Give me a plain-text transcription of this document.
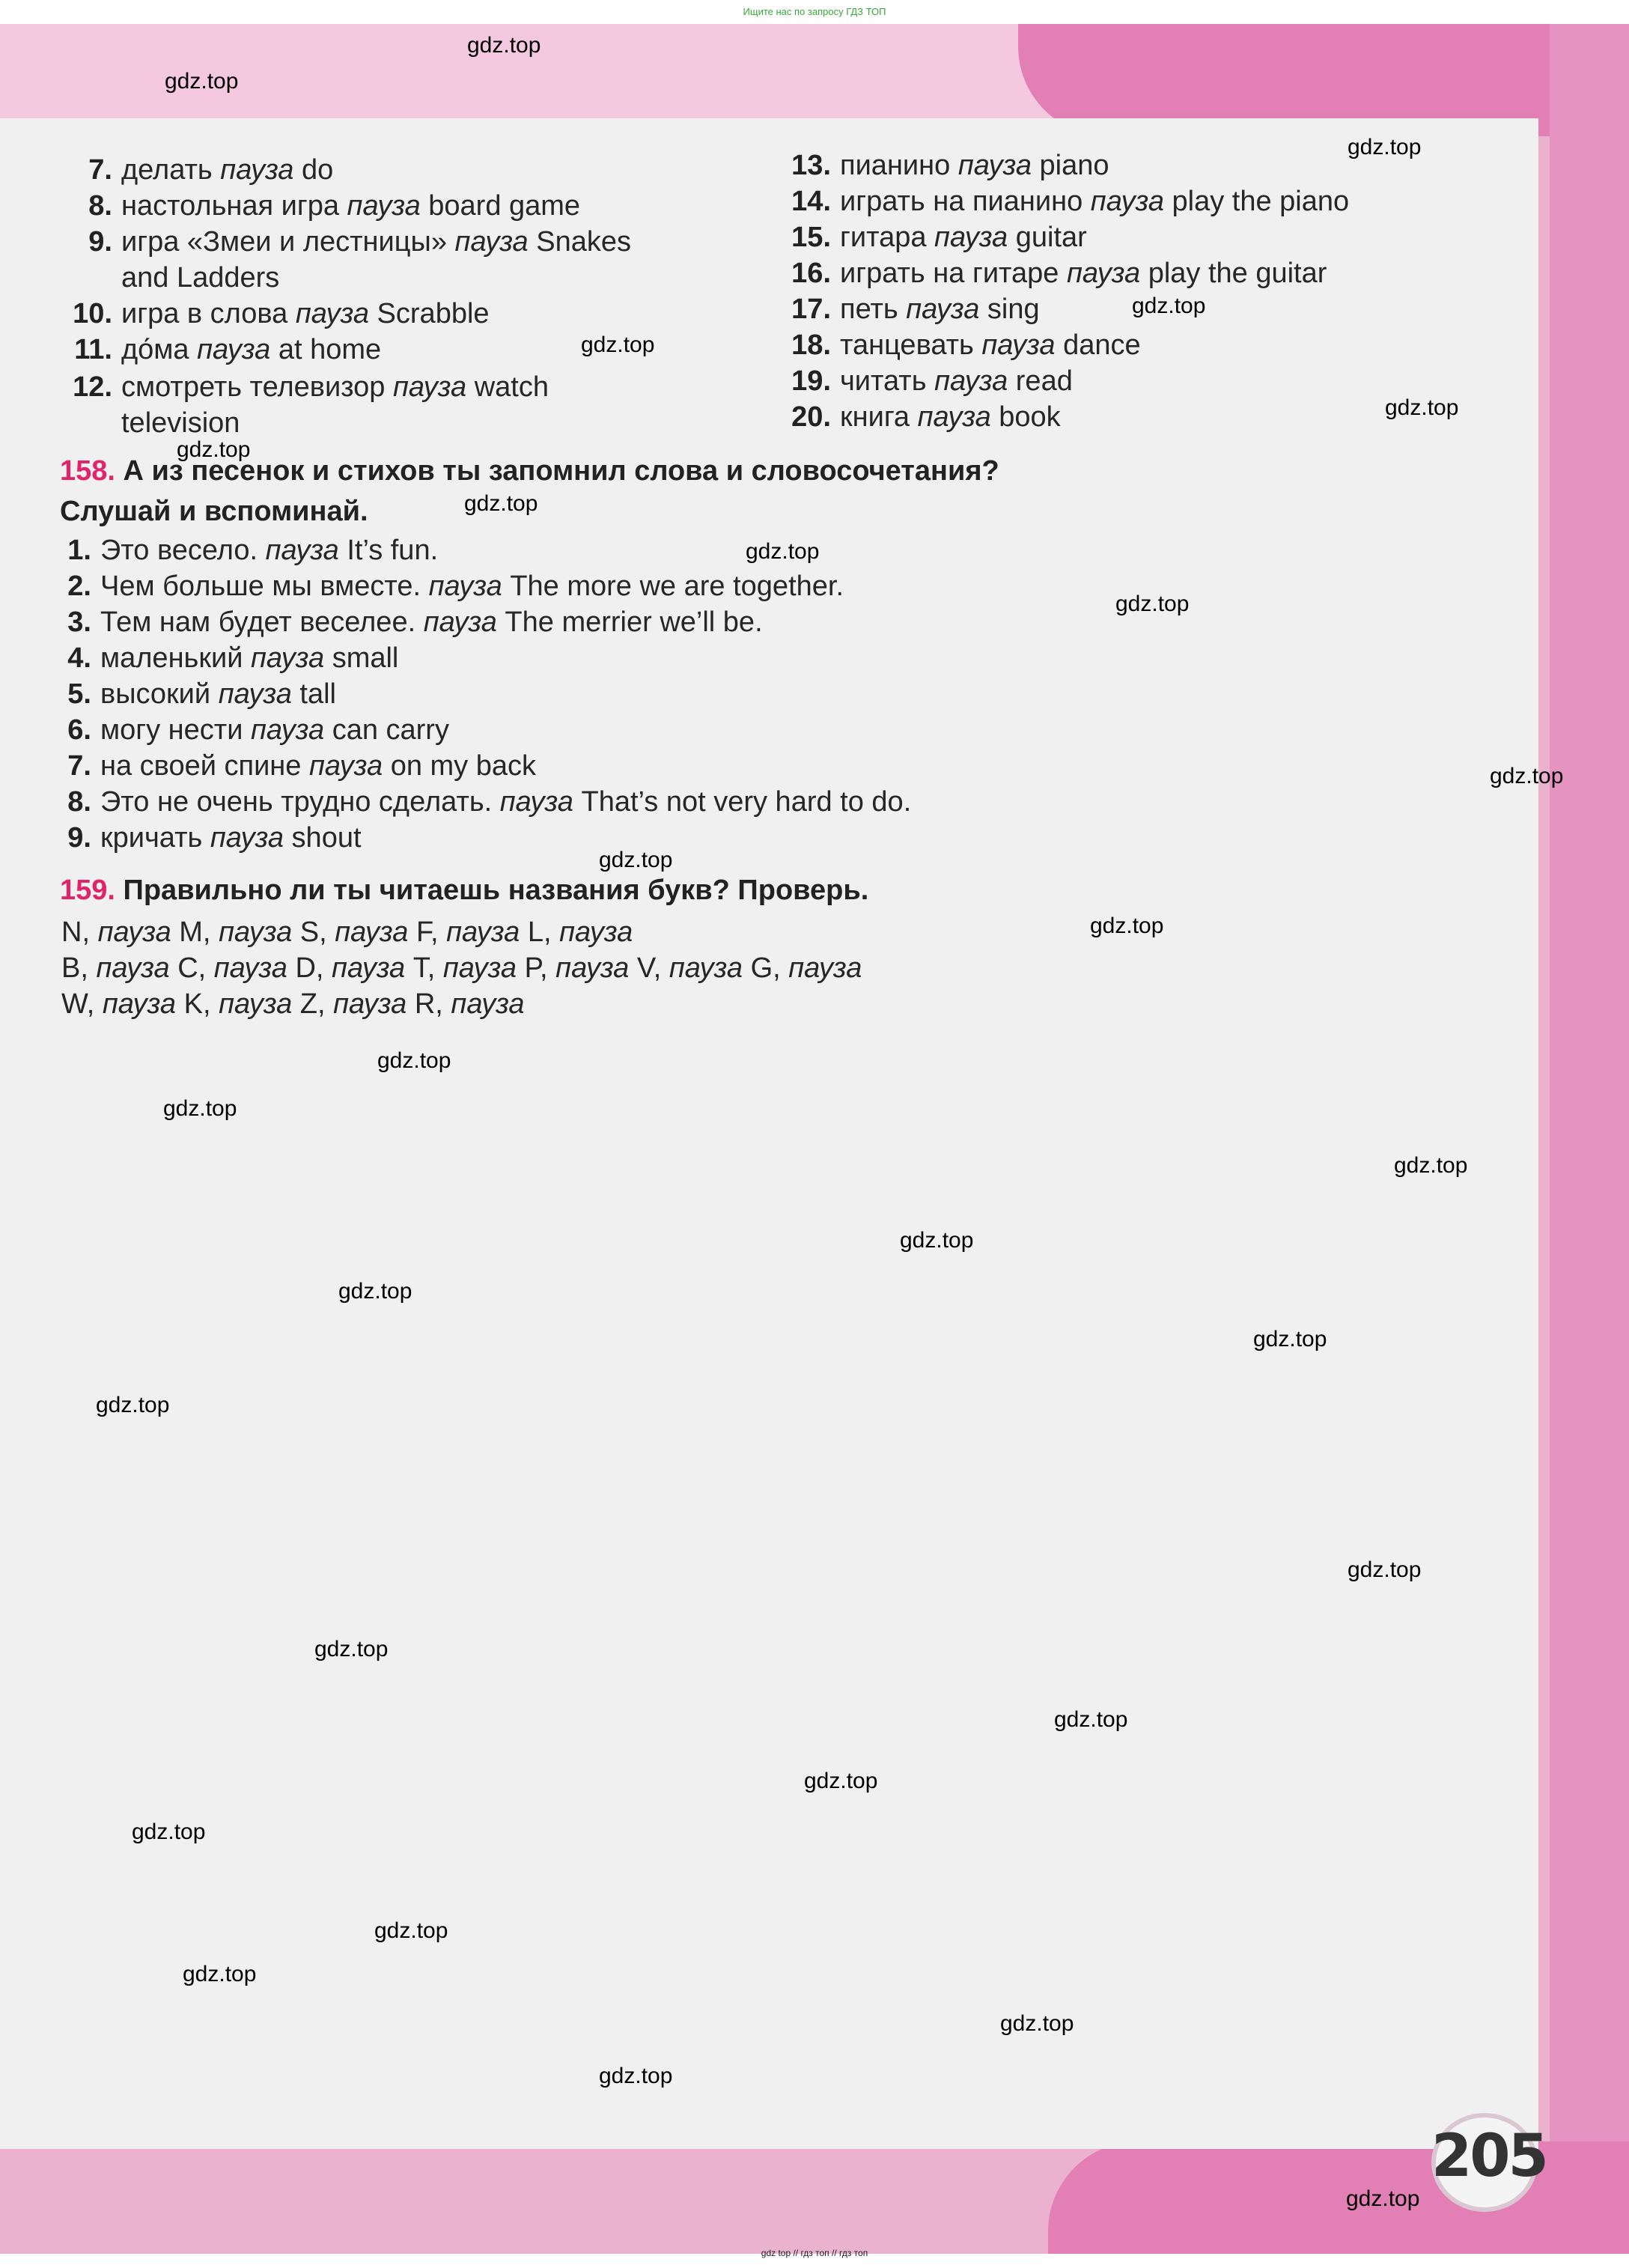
Ищите нас по запросу ГДЗ ТОП
gdz top // гдз топ // гдз топ
7. делать пауза do
8. настольная игра пауза board game
9. игра «Змеи и лестницы» пауза Snakes
and Ladders
10. игра в слова пауза Scrabble
11. до́ма пауза at home
12. смотреть телевизор пауза watch
television
13. пианино пауза piano
14. играть на пианино пауза play the piano
15. гитара пауза guitar
16. играть на гитаре пауза play the guitar
17. петь пауза sing
18. танцевать пауза dance
19. читать пауза read
20. книга пауза book
158. А из песенок и стихов ты запомнил слова и словосочетания?
Слушай и вспоминай.
1. Это весело. пауза It’s fun.
2. Чем больше мы вместе. пауза The more we are together.
3. Тем нам будет веселее. пауза The merrier we’ll be.
4. маленький пауза small
5. высокий пауза tall
6. могу нести пауза can carry
7. на своей спине пауза on my back
8. Это не очень трудно сделать. пауза That’s not very hard to do.
9. кричать пауза shout
159. Правильно ли ты читаешь названия букв? Проверь.
N, пауза M, пауза S, пауза F, пауза L, пауза
B, пауза C, пауза D, пауза T, пауза P, пауза V, пауза G, пауза
W, пауза K, пауза Z, пауза R, пауза
205
gdz.top
gdz.top
gdz.top
gdz.top
gdz.top
gdz.top
gdz.top
gdz.top
gdz.top
gdz.top
gdz.top
gdz.top
gdz.top
gdz.top
gdz.top
gdz.top
gdz.top
gdz.top
gdz.top
gdz.top
gdz.top
gdz.top
gdz.top
gdz.top
gdz.top
gdz.top
gdz.top
gdz.top
gdz.top
gdz.top
